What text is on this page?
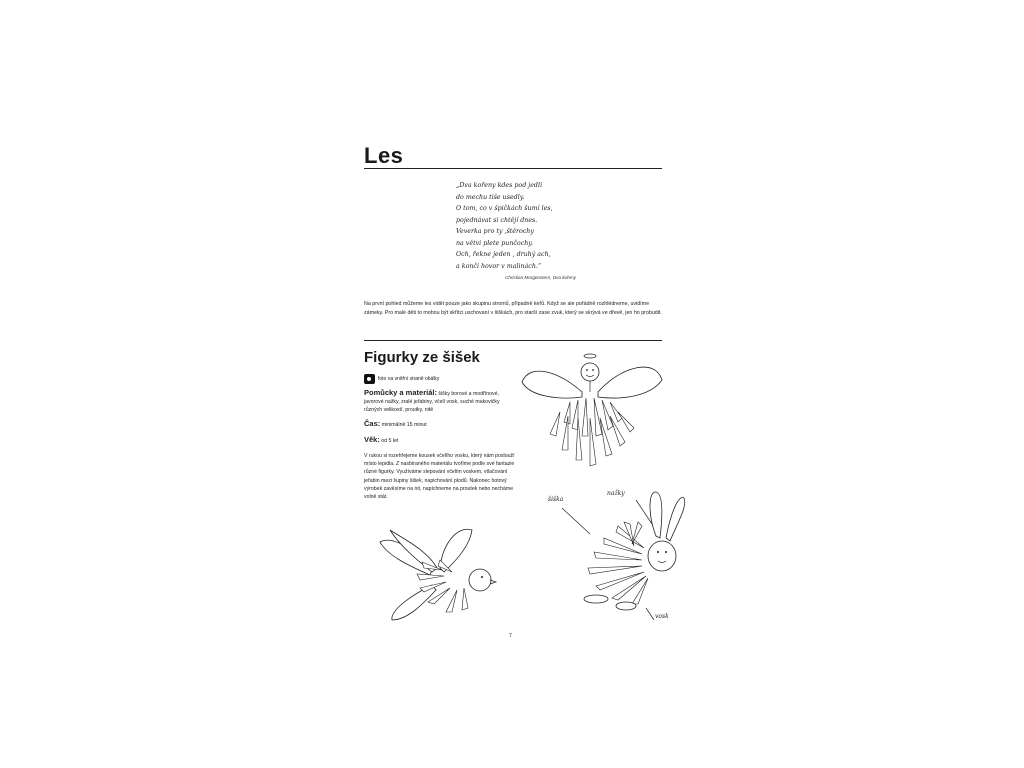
Les
„Dva kořeny kdes pod jedlí
do mechu tiše usedly.
O tom, co v špičkách šumí les,
pojednávat si chtějí dnes.
Veverka pro ty ,štěrochy
na větvi plete punčochy.
Och, řekne jeden , druhý ach,
a konči hovor v malinách.“
Christian Morgenstern, Dva kořeny
Na první pohled můžeme les vidět pouze jako skupinu stromů, případně keřů. Když se ale pořádně rozhlédneme, uvidíme zámeky. Pro malé děti to mohou být skřítci uschovaní v šiškách, pro starší zase zvuk, který se skrývá ve dřevě, jen ho probudit.
Figurky ze šišek
foto na vnitřní straně obálky
Pomůcky a materiál: šišky borové a modřínové, javorové nažky, zralé jeřabiny, včelí vosk, suché makovičky různých velikostí, proutky, nitě
Čas: minimálně 15 minut
Věk: od 5 let
V rukou si rozehřejeme kousek včelího vosku, který nám poslouží místo lepidla. Z nasbíraného materiálu tvoříme podle své fantazie různé figurky. Využíváme slepování včelím voskem, vtlačování jeřabin mezi šupiny šišek, napichování plodů. Nakonec hotový výrobek zavěsíme na nit, napíchneme na proutek nebo necháme volně stát.	šiška
nažky
vosk
7
